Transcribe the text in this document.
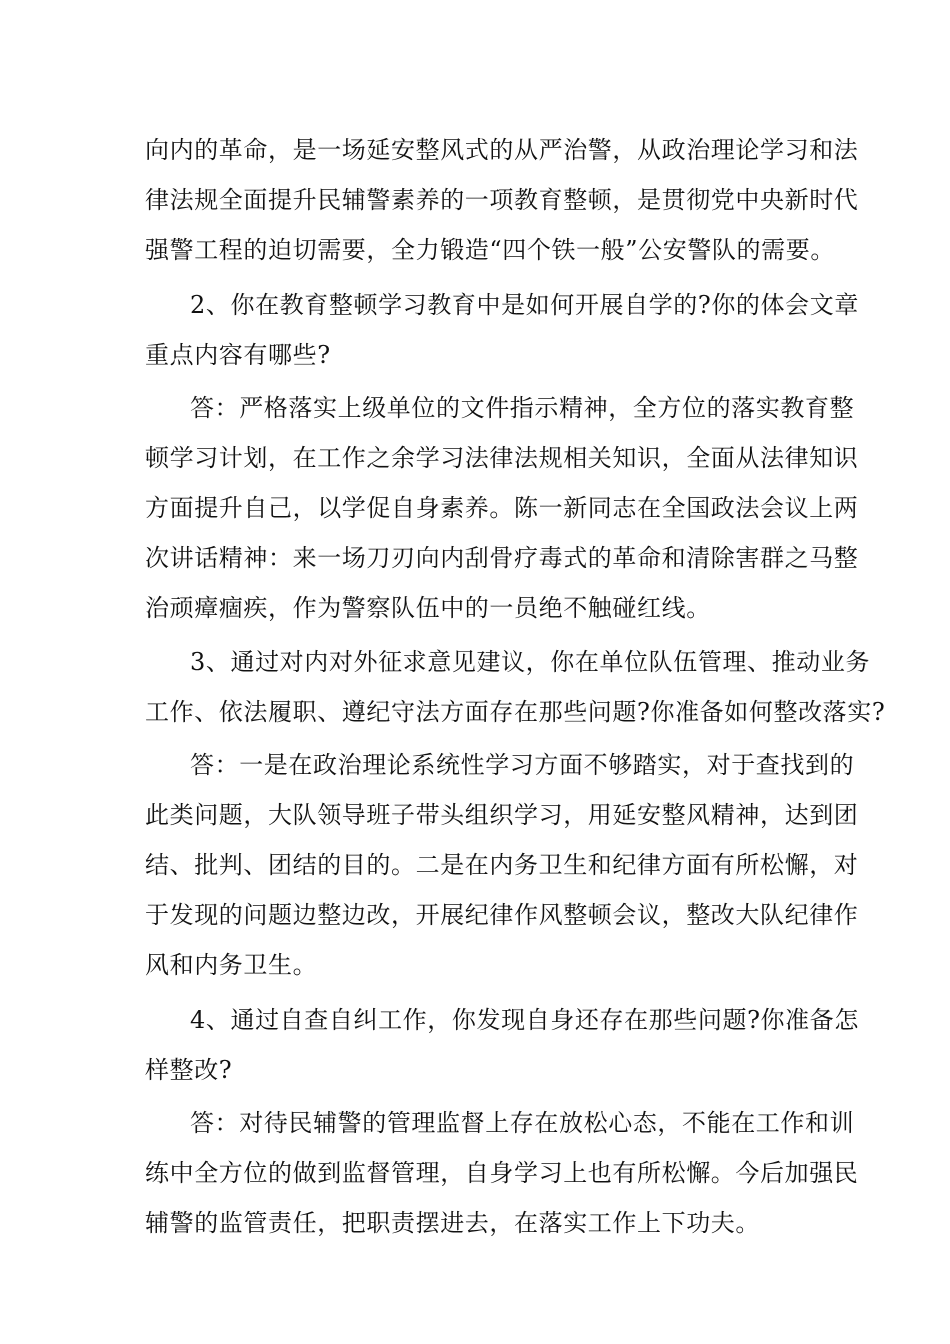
向内的革命，是一场延安整风式的从严治警，从政治理论学习和法
律法规全面提升民辅警素养的一项教育整顿，是贯彻党中央新时代
强警工程的迫切需要，全力锻造“四个铁一般”公安警队的需要。
2、你在教育整顿学习教育中是如何开展自学的?你的体会文章
重点内容有哪些?
答：严格落实上级单位的文件指示精神，全方位的落实教育整
顿学习计划，在工作之余学习法律法规相关知识，全面从法律知识
方面提升自己，以学促自身素养。陈一新同志在全国政法会议上两
次讲话精神：来一场刀刃向内刮骨疗毒式的革命和清除害群之马整
治顽瘴痼疾，作为警察队伍中的一员绝不触碰红线。
3、通过对内对外征求意见建议，你在单位队伍管理、推动业务
工作、依法履职、遵纪守法方面存在那些问题?你准备如何整改落实?
答：一是在政治理论系统性学习方面不够踏实，对于查找到的
此类问题，大队领导班子带头组织学习，用延安整风精神，达到团
结、批判、团结的目的。二是在内务卫生和纪律方面有所松懈，对
于发现的问题边整边改，开展纪律作风整顿会议，整改大队纪律作
风和内务卫生。
4、通过自查自纠工作，你发现自身还存在那些问题?你准备怎
样整改?
答：对待民辅警的管理监督上存在放松心态，不能在工作和训
练中全方位的做到监督管理，自身学习上也有所松懈。今后加强民
辅警的监管责任，把职责摆进去，在落实工作上下功夫。
